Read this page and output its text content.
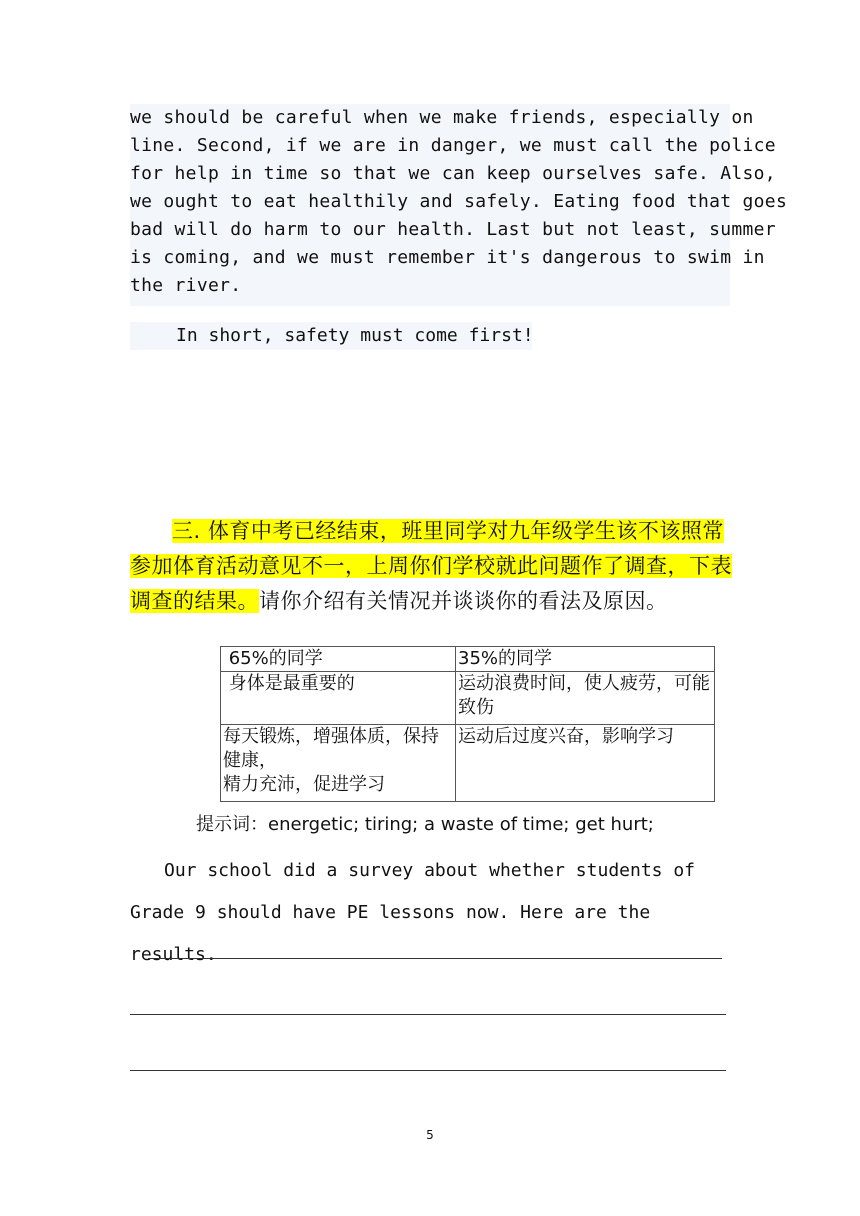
we should be careful when we make friends, especially on
line. Second, if we are in danger, we must call the police
for help in time so that we can keep ourselves safe. Also,
we ought to eat healthily and safely. Eating food that goes
bad will do harm to our health. Last but not least, summer
is coming, and we must remember it's dangerous to swim in
the river.
In short, safety must come first!
三. 体育中考已经结束，班里同学对九年级学生该不该照常参加体育活动意见不一，上周你们学校就此问题作了调查，下表调查的结果。请你介绍有关情况并谈谈你的看法及原因。
65%的同学	35%的同学
身体是最重要的	运动浪费时间，使人疲劳，可能致伤
每天锻炼，增强体质，保持健康，
精力充沛，促进学习	运动后过度兴奋，影响学习
提示词：energetic; tiring; a waste of time; get hurt;
Our school did a survey about whether students of Grade 9 should have PE lessons now. Here are the results.
5
